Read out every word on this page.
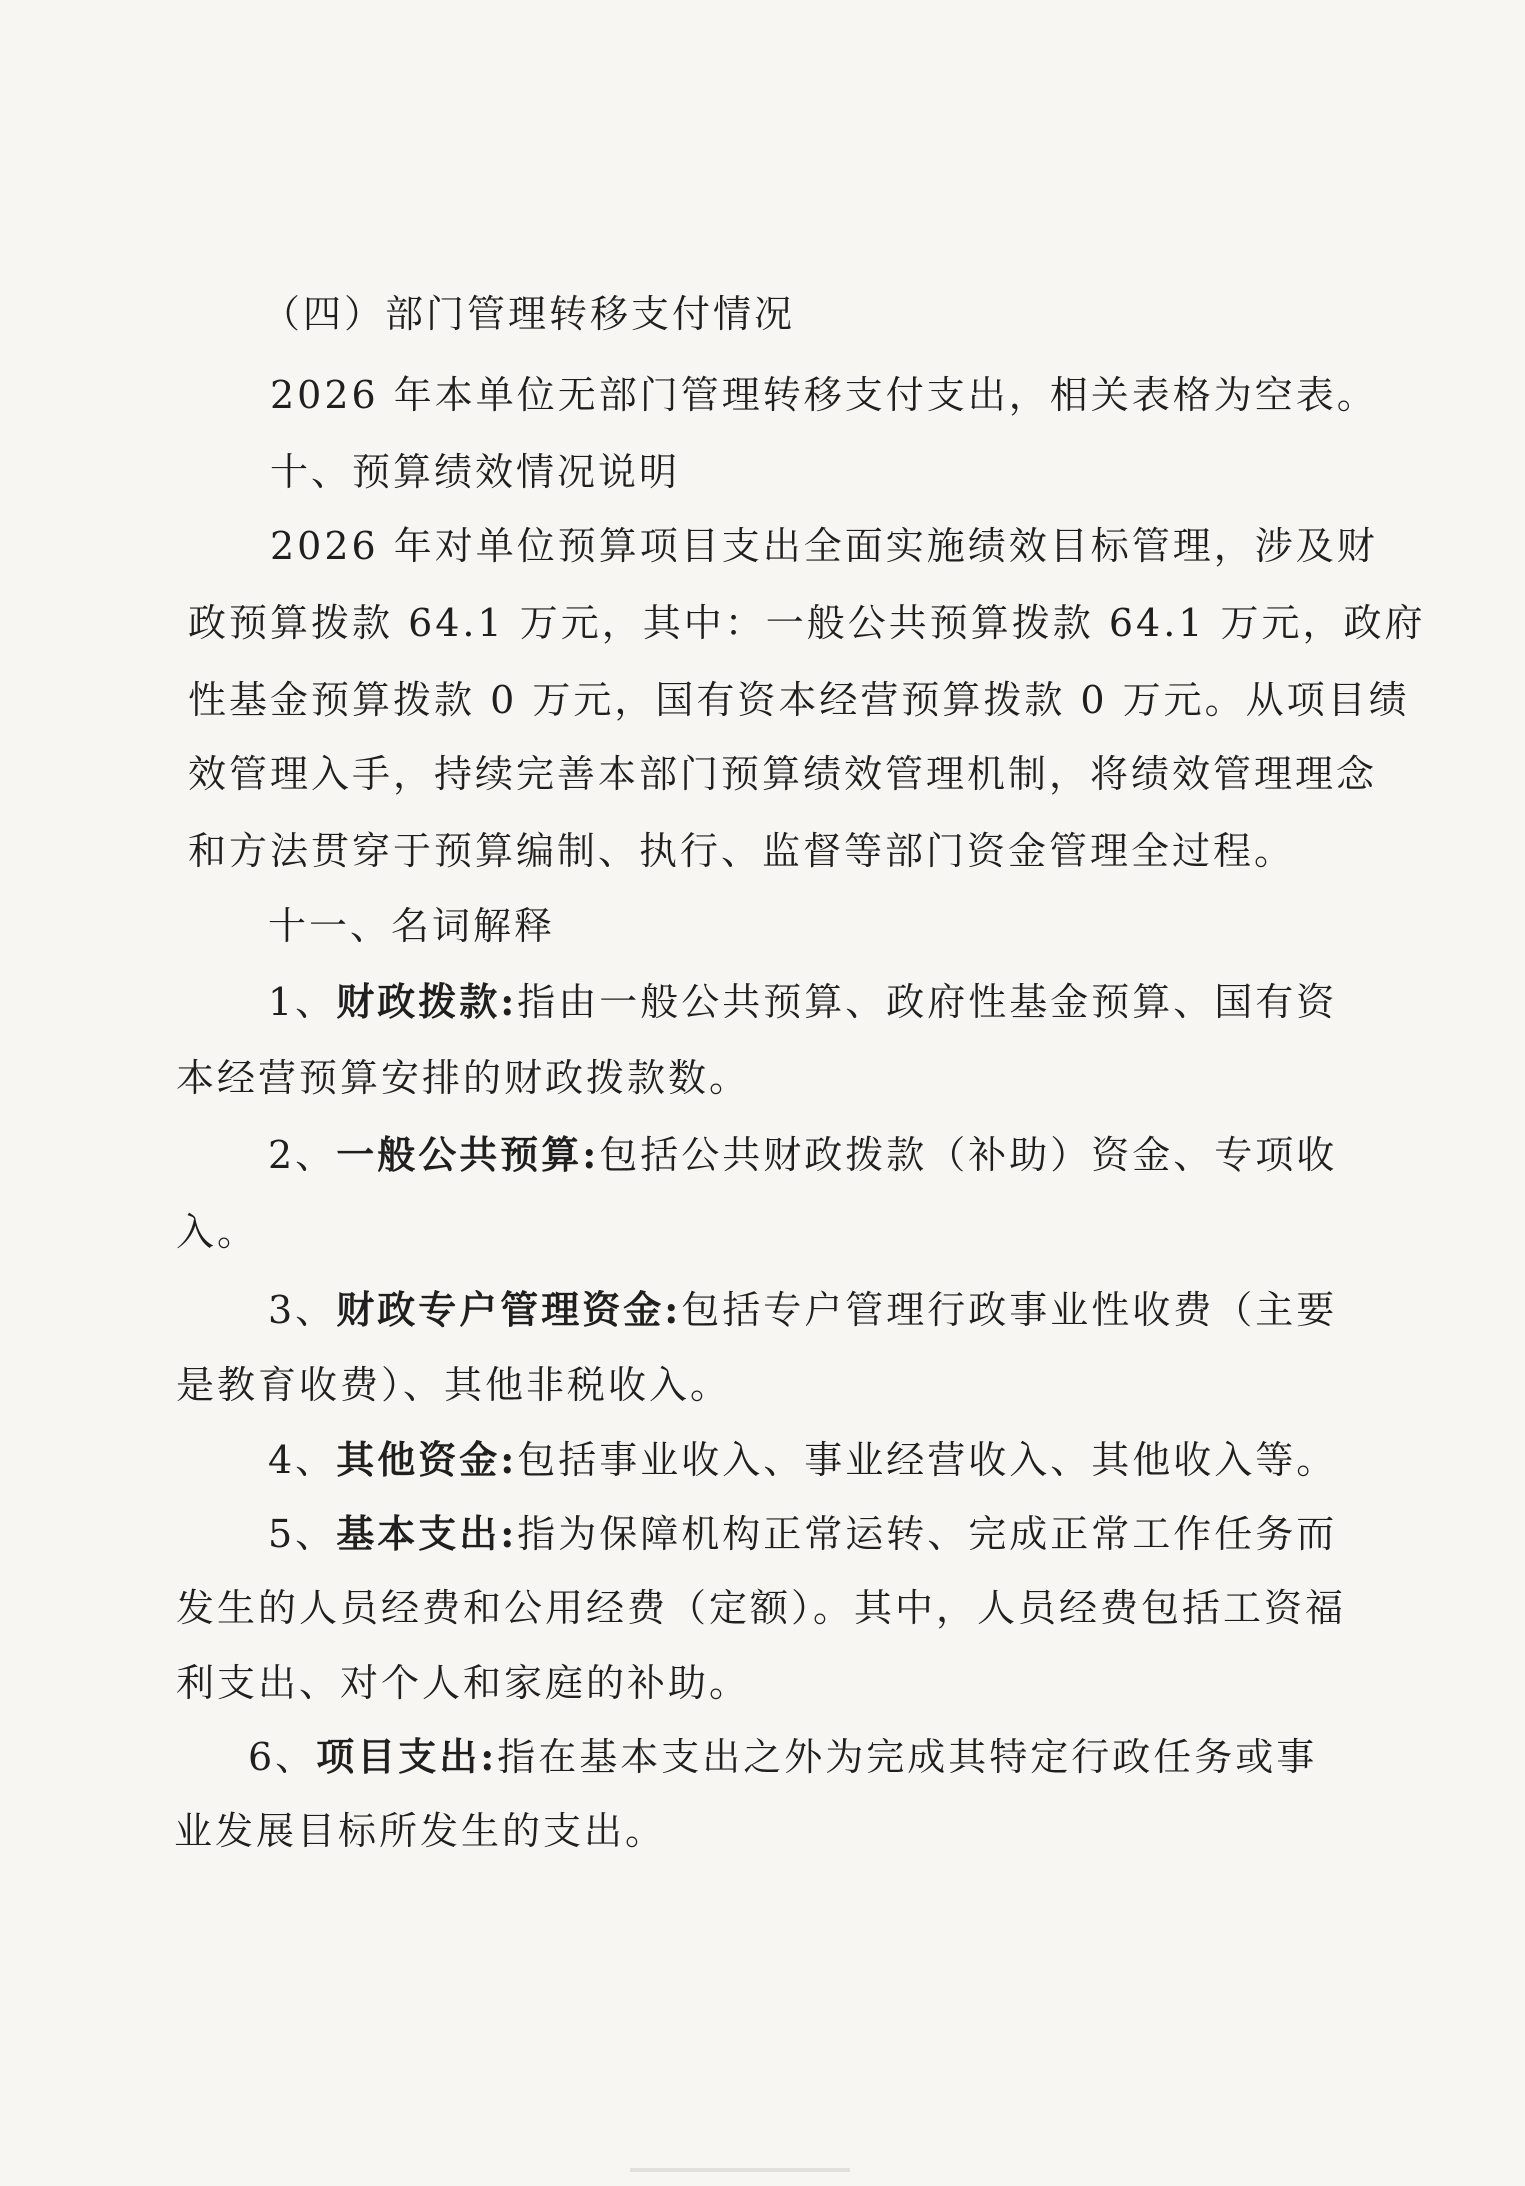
（四）部门管理转移支付情况
2026 年本单位无部门管理转移支付支出，相关表格为空表。
十、预算绩效情况说明
2026 年对单位预算项目支出全面实施绩效目标管理，涉及财
政预算拨款 64.1 万元，其中：一般公共预算拨款 64.1 万元，政府
性基金预算拨款 0 万元，国有资本经营预算拨款 0 万元。从项目绩
效管理入手，持续完善本部门预算绩效管理机制，将绩效管理理念
和方法贯穿于预算编制、执行、监督等部门资金管理全过程。
十一、名词解释
1、财政拨款:指由一般公共预算、政府性基金预算、国有资
本经营预算安排的财政拨款数。
2、一般公共预算:包括公共财政拨款（补助）资金、专项收
入。
3、财政专户管理资金:包括专户管理行政事业性收费（主要
是教育收费）、其他非税收入。
4、其他资金:包括事业收入、事业经营收入、其他收入等。
5、基本支出:指为保障机构正常运转、完成正常工作任务而
发生的人员经费和公用经费（定额）。其中，人员经费包括工资福
利支出、对个人和家庭的补助。
6、项目支出:指在基本支出之外为完成其特定行政任务或事
业发展目标所发生的支出。
